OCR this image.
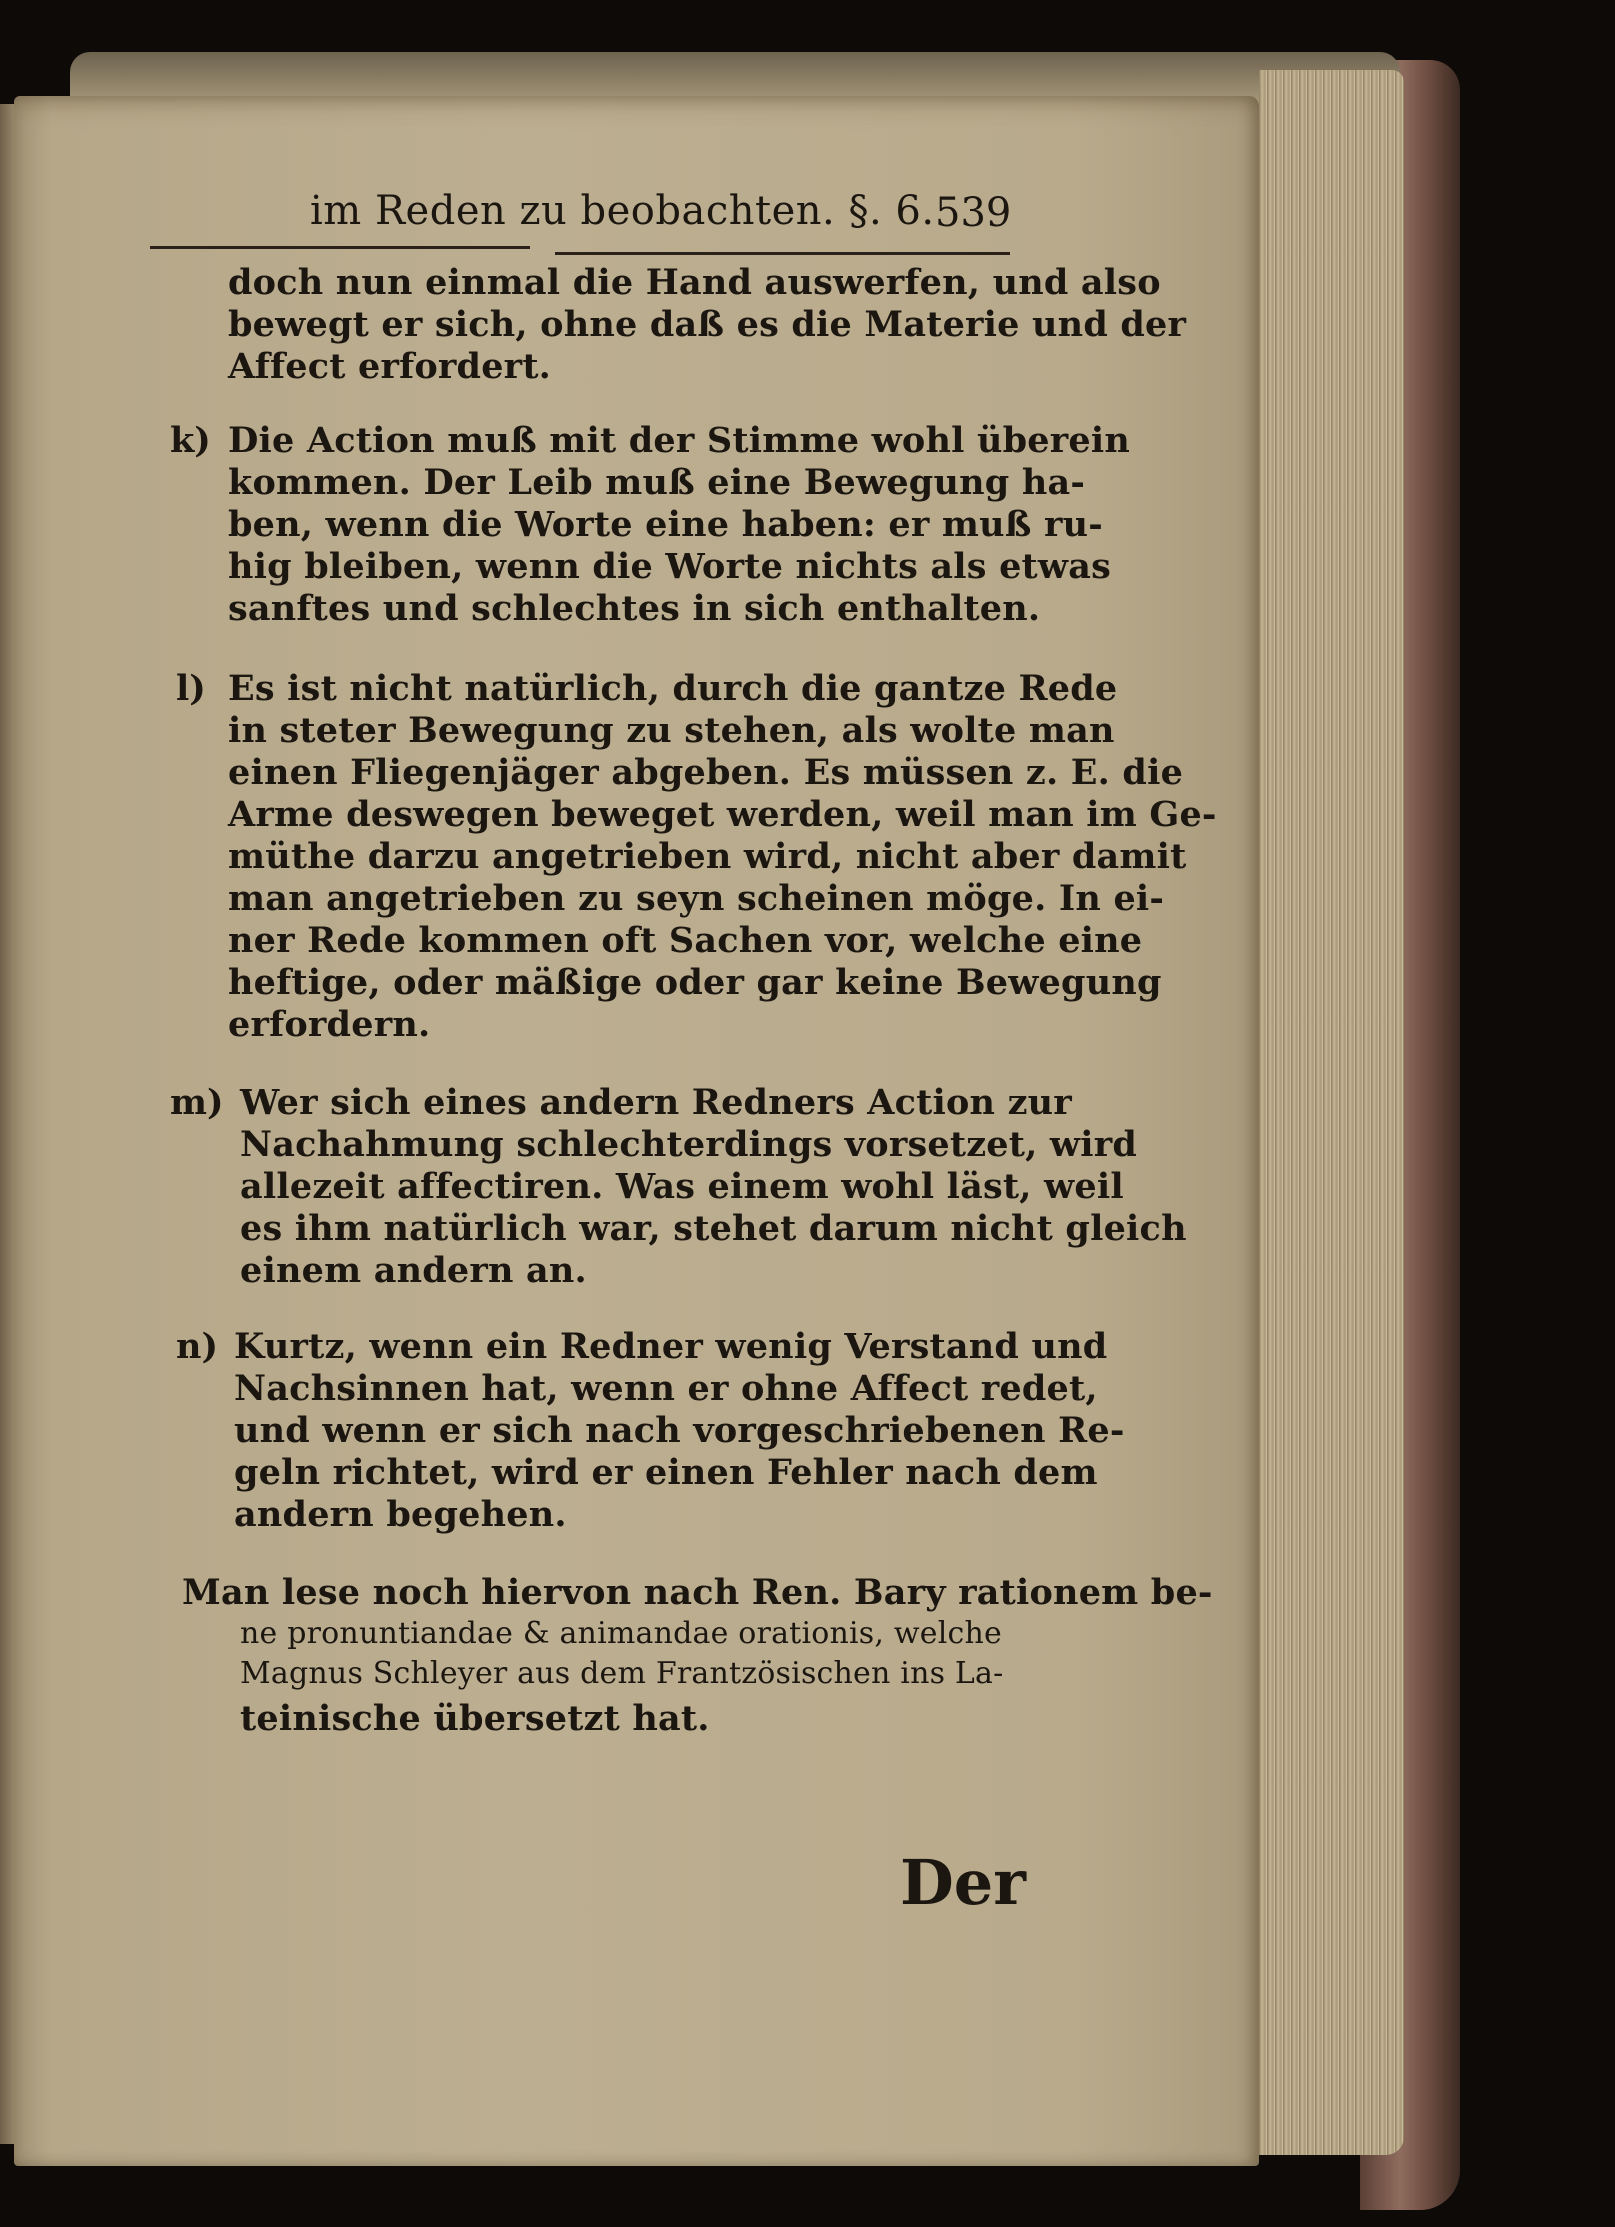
im Reden zu beobachten. §. 6. 539
doch nun einmal die Hand auswerfen, und also
bewegt er sich, ohne daß es die Materie und der
Affect erfordert.
k) Die Action muß mit der Stimme wohl überein
kommen. Der Leib muß eine Bewegung ha-
ben, wenn die Worte eine haben: er muß ru-
hig bleiben, wenn die Worte nichts als etwas
sanftes und schlechtes in sich enthalten.
l) Es ist nicht natürlich, durch die gantze Rede
in steter Bewegung zu stehen, als wolte man
einen Fliegenjäger abgeben. Es müssen z. E. die
Arme deswegen beweget werden, weil man im Ge-
müthe darzu angetrieben wird, nicht aber damit
man angetrieben zu seyn scheinen möge. In ei-
ner Rede kommen oft Sachen vor, welche eine
heftige, oder mäßige oder gar keine Bewegung
erfordern.
m) Wer sich eines andern Redners Action zur
Nachahmung schlechterdings vorsetzet, wird
allezeit affectiren. Was einem wohl läst, weil
es ihm natürlich war, stehet darum nicht gleich
einem andern an.
n) Kurtz, wenn ein Redner wenig Verstand und
Nachsinnen hat, wenn er ohne Affect redet,
und wenn er sich nach vorgeschriebenen Re-
geln richtet, wird er einen Fehler nach dem
andern begehen.
Man lese noch hiervon nach Ren. Bary rationem be-
ne pronuntiandae & animandae orationis, welche
Magnus Schleyer aus dem Frantzösischen ins La-
teinische übersetzt hat.
Der
